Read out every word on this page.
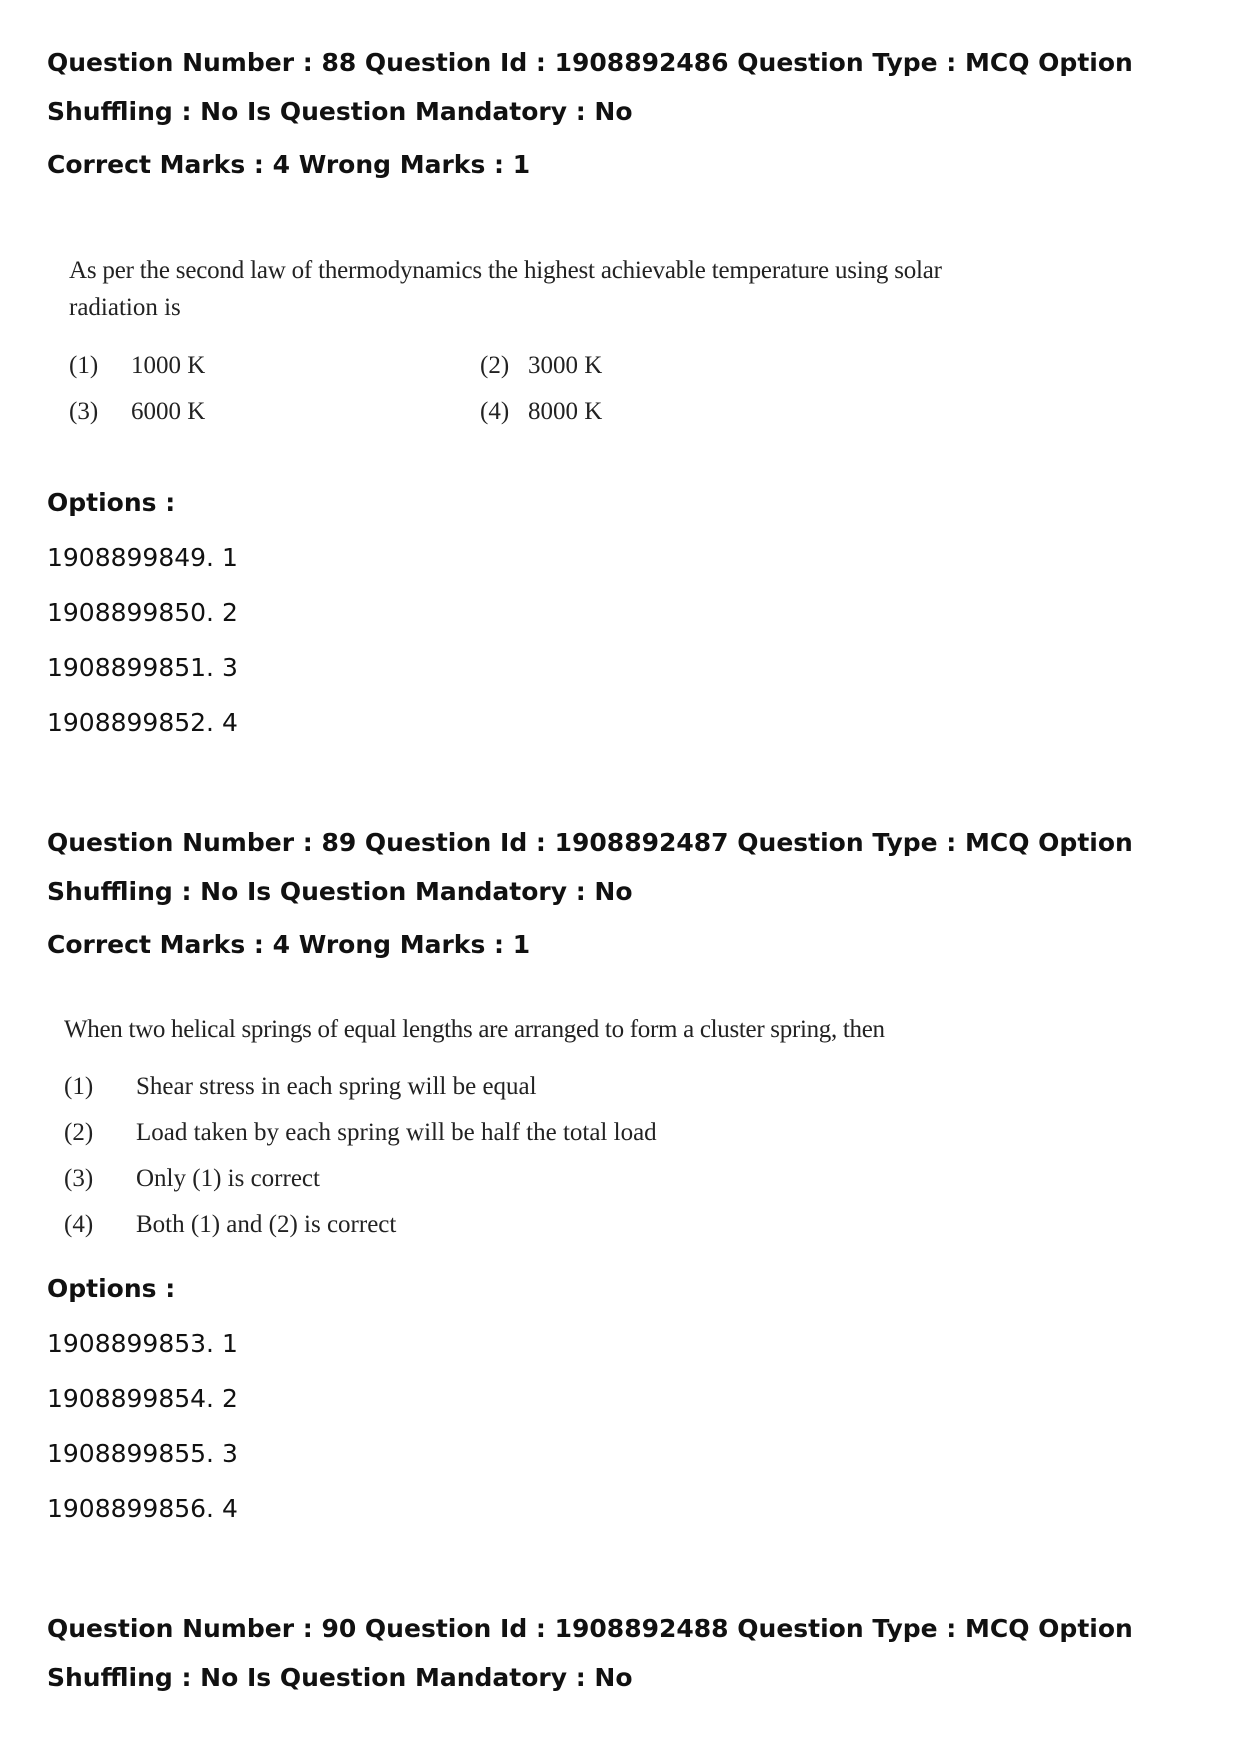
Question Number : 88 Question Id : 1908892486 Question Type : MCQ Option Shuffling : No Is Question Mandatory : No

Correct Marks : 4 Wrong Marks : 1
As per the second law of thermodynamics the highest achievable temperature using solar
radiation is
(1) 1000 K	(2) 3000 K
(3) 6000 K	(4) 8000 K
Options :
1908899849. 1
1908899850. 2
1908899851. 3
1908899852. 4

Question Number : 89 Question Id : 1908892487 Question Type : MCQ Option Shuffling : No Is Question Mandatory : No

Correct Marks : 4 Wrong Marks : 1
When two helical springs of equal lengths are arranged to form a cluster spring, then
(1) Shear stress in each spring will be equal
(2) Load taken by each spring will be half the total load
(3) Only (1) is correct
(4) Both (1) and (2) is correct
Options :
1908899853. 1
1908899854. 2
1908899855. 3
1908899856. 4

Question Number : 90 Question Id : 1908892488 Question Type : MCQ Option Shuffling : No Is Question Mandatory : No
